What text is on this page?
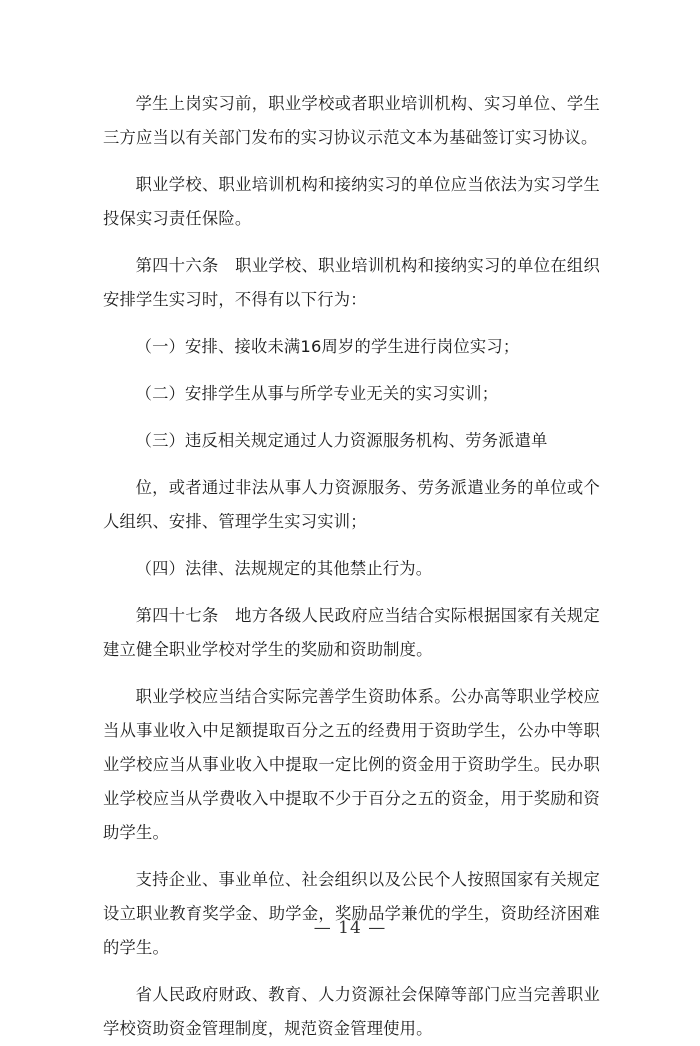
学生上岗实习前，职业学校或者职业培训机构、实习单位、学生三方应当以有关部门发布的实习协议示范文本为基础签订实习协议。

职业学校、职业培训机构和接纳实习的单位应当依法为实习学生投保实习责任保险。

第四十六条　职业学校、职业培训机构和接纳实习的单位在组织安排学生实习时，不得有以下行为：

（一）安排、接收未满16周岁的学生进行岗位实习；

（二）安排学生从事与所学专业无关的实习实训；

（三）违反相关规定通过人力资源服务机构、劳务派遣单

位，或者通过非法从事人力资源服务、劳务派遣业务的单位或个人组织、安排、管理学生实习实训；

（四）法律、法规规定的其他禁止行为。

第四十七条　地方各级人民政府应当结合实际根据国家有关规定建立健全职业学校对学生的奖励和资助制度。

职业学校应当结合实际完善学生资助体系。公办高等职业学校应当从事业收入中足额提取百分之五的经费用于资助学生，公办中等职业学校应当从事业收入中提取一定比例的资金用于资助学生。民办职业学校应当从学费收入中提取不少于百分之五的资金，用于奖励和资助学生。

支持企业、事业单位、社会组织以及公民个人按照国家有关规定设立职业教育奖学金、助学金，奖励品学兼优的学生，资助经济困难的学生。

省人民政府财政、教育、人力资源社会保障等部门应当完善职业学校资助资金管理制度，规范资金管理使用。

— 14 —
